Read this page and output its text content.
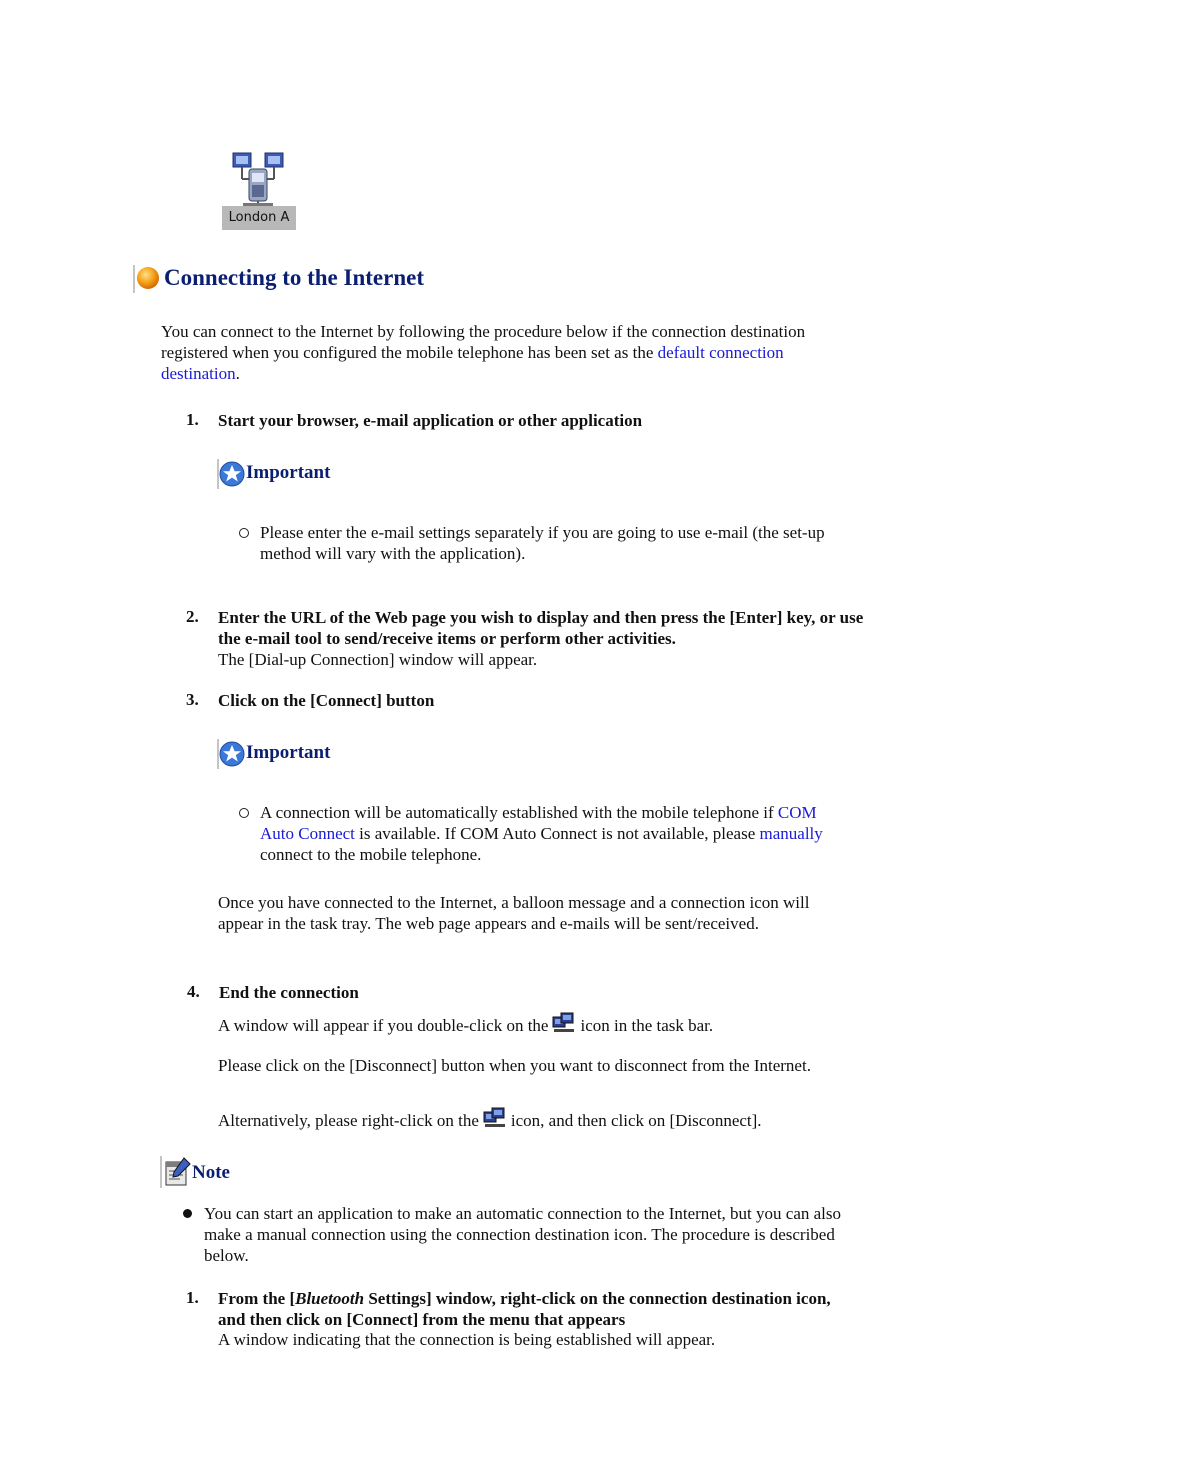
London A
Connecting to the Internet
You can connect to the Internet by following the procedure below if the connection destination registered when you configured the mobile telephone has been set as the default connection destination.
1. Start your browser, e-mail application or other application
Important
Please enter the e-mail settings separately if you are going to use e-mail (the set-up method will vary with the application).
2. Enter the URL of the Web page you wish to display and then press the [Enter] key, or use the e-mail tool to send/receive items or perform other activities.
The [Dial-up Connection] window will appear.
3. Click on the [Connect] button
Important
A connection will be automatically established with the mobile telephone if COM Auto Connect is available. If COM Auto Connect is not available, please manually connect to the mobile telephone.
Once you have connected to the Internet, a balloon message and a connection icon will appear in the task tray. The web page appears and e-mails will be sent/received.
4. End the connection
A window will appear if you double-click on the icon in the task bar.
Please click on the [Disconnect] button when you want to disconnect from the Internet.
Alternatively, please right-click on the icon, and then click on [Disconnect].
Note
You can start an application to make an automatic connection to the Internet, but you can also make a manual connection using the connection destination icon. The procedure is described below.
1. From the [Bluetooth Settings] window, right-click on the connection destination icon, and then click on [Connect] from the menu that appears
A window indicating that the connection is being established will appear.
